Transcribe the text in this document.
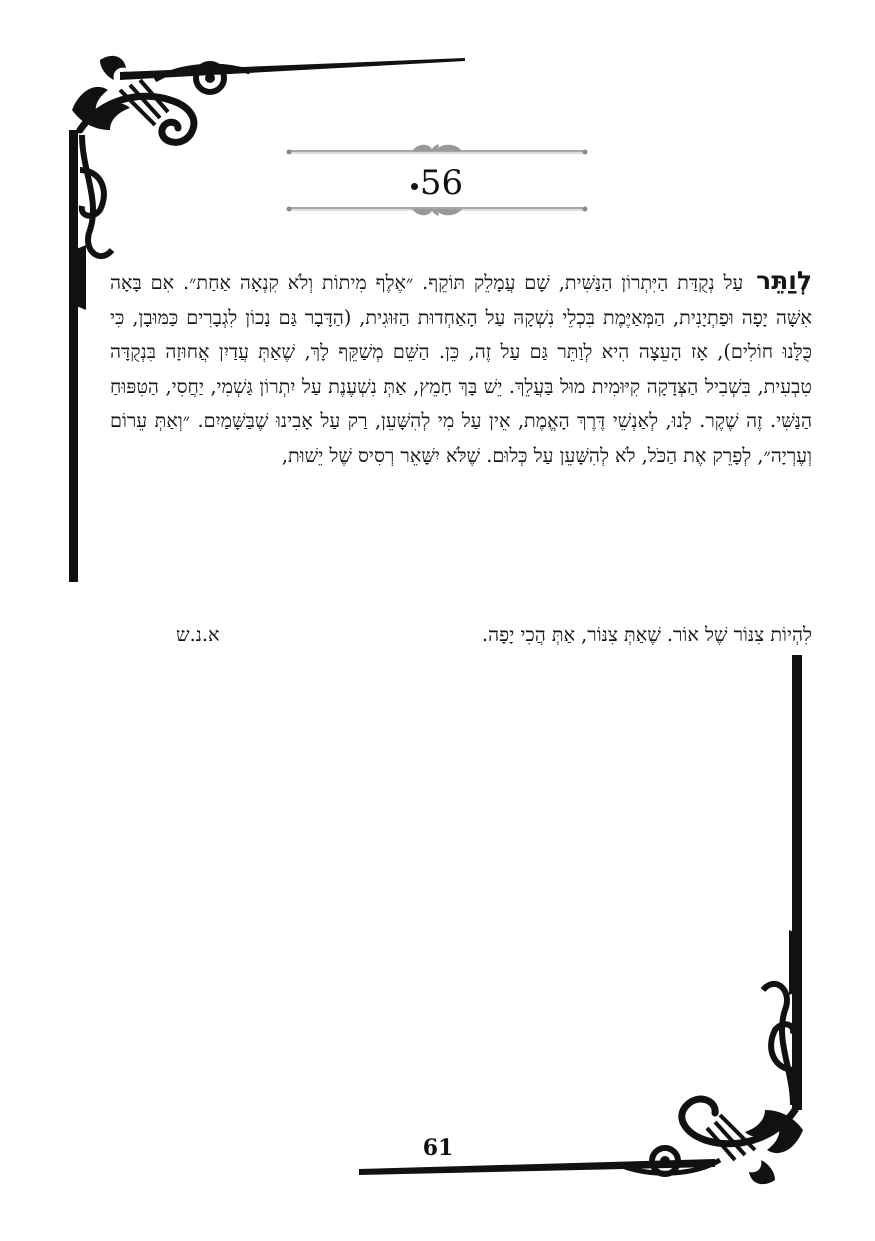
56
לְוַתֵּר עַל נְקֻדַּת הַיִּתְרוֹן הַנַּשִּׁית, שָׁם עֲמָלֵק תּוֹקֵף. ״אֶלֶף מִיתוֹת וְלֹא קִנְאָה אַחַת״. אִם בָּאָה אִשָּׁה יָפָה וּפַתְיָנִית, הַמְּאַיֶּמֶת בִּכְלֵי נִשְׁקָהּ עַל הָאַחְדוּת הַזּוּגִית, (הַדָּבָר גַּם נָכוֹן לִגְבָרִים כַּמּוּבָן, כִּי כֻּלָּנוּ חוֹלִים), אָז הָעֵצָה הִיא לְוַתֵּר גַּם עַל זֶה, כֵּן. הַשֵּׁם מְשַׁקֵּף לָךְ, שֶׁאַתְּ עֲדַיִן אֲחוּזָה בִּנְקֻדָּה טִבְעִית, בִּשְׁבִיל הַצְּדָקָה קִיּוּמִית מוּל בַּעֲלֵךְ. יֵשׁ בָּךְ חָמֵץ, אַתְּ נִשְׁעֶנֶת עַל יִתְרוֹן גַּשְׁמִי, יַחֲסִי, הַטִּפּוּחַ הַנַּשִּׁי. זֶה שֶׁקֶר. לָנוּ, לְאַנְשֵׁי דֶּרֶךְ הָאֱמֶת, אֵין עַל מִי לְהִשָּׁעֵן, רַק עַל אָבִינוּ שֶׁבַּשָּׁמַיִם. ״וְאַתְּ עֵרוֹם וְעֶרְיָה״, לְפָרֵק אֶת הַכֹּל, לֹא לְהִשָּׁעֵן עַל כְּלוּם. שֶׁלֹּא יִשָּׁאֵר רְסִיס שֶׁל יֵשׁוּת,
לִהְיוֹת צִנּוֹר שֶׁל אוֹר. שֶׁאַתְּ צִנּוֹר, אַתְּ הֲכִי יָפָה.
א.נ.ש
61
